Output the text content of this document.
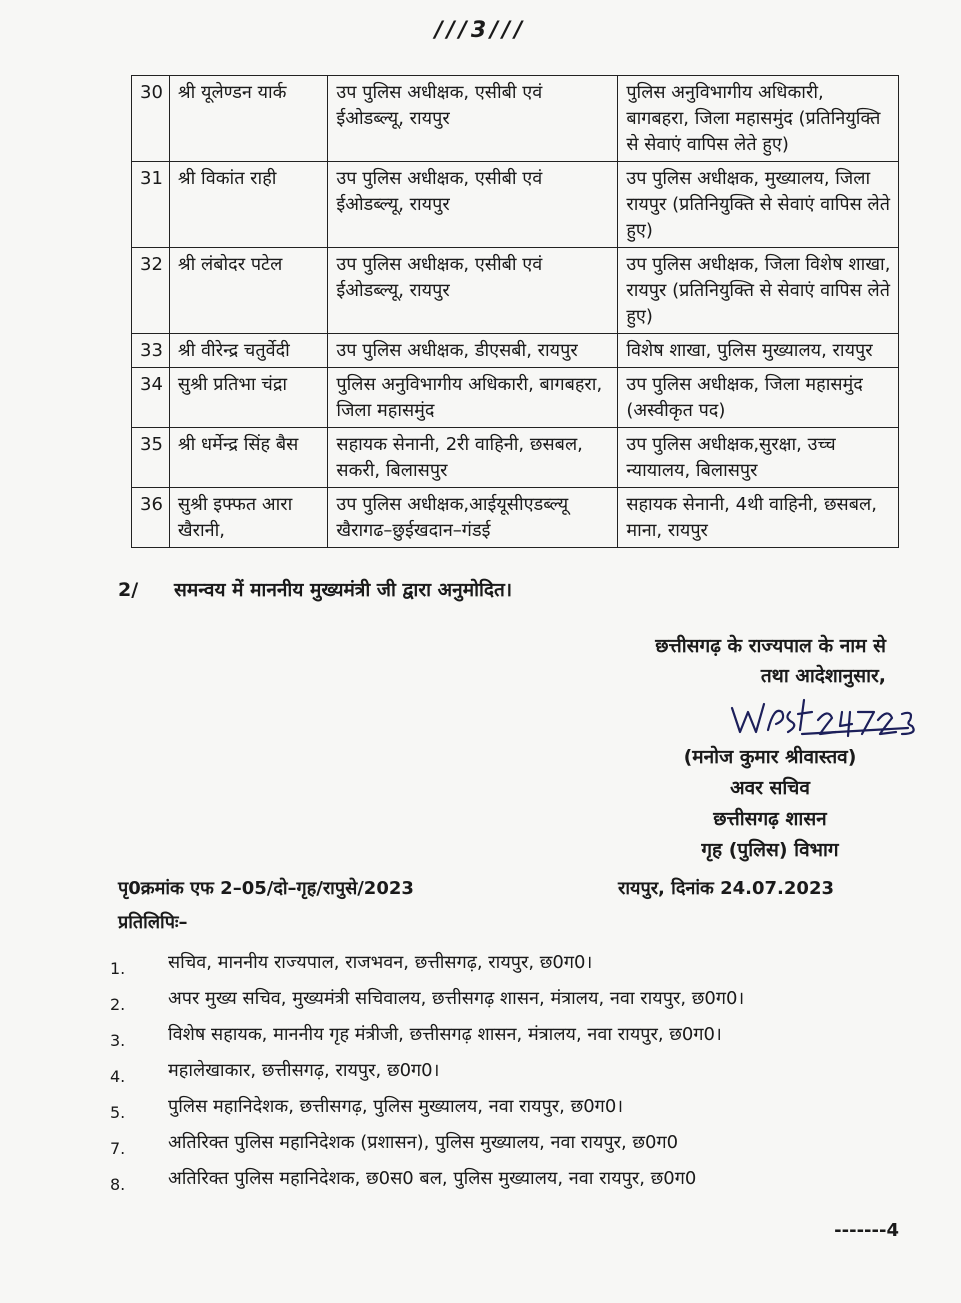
///3///
30	श्री यूलेण्डन यार्क	उप पुलिस अधीक्षक, एसीबी एवं ईओडब्ल्यू, रायपुर	पुलिस अनुविभागीय अधिकारी, बागबहरा, जिला महासमुंद (प्रतिनियुक्ति से सेवाएं वापिस लेते हुए)
31	श्री विकांत राही	उप पुलिस अधीक्षक, एसीबी एवं ईओडब्ल्यू, रायपुर	उप पुलिस अधीक्षक, मुख्यालय, जिला रायपुर (प्रतिनियुक्ति से सेवाएं वापिस लेते हुए)
32	श्री लंबोदर पटेल	उप पुलिस अधीक्षक, एसीबी एवं ईओडब्ल्यू, रायपुर	उप पुलिस अधीक्षक, जिला विशेष शाखा, रायपुर (प्रतिनियुक्ति से सेवाएं वापिस लेते हुए)
33	श्री वीरेन्द्र चतुर्वेदी	उप पुलिस अधीक्षक, डीएसबी, रायपुर	विशेष शाखा, पुलिस मुख्यालय, रायपुर
34	सुश्री प्रतिभा चंद्रा	पुलिस अनुविभागीय अधिकारी, बागबहरा, जिला महासमुंद	उप पुलिस अधीक्षक, जिला महासमुंद (अस्वीकृत पद)
35	श्री धर्मेन्द्र सिंह बैस	सहायक सेनानी, 2री वाहिनी, छसबल, सकरी, बिलासपुर	उप पुलिस अधीक्षक,सुरक्षा, उच्च न्यायालय, बिलासपुर
36	सुश्री इफ्फत आरा खैरानी,	उप पुलिस अधीक्षक,आईयूसीएडब्ल्यू खैरागढ–छुईखदान–गंडई	सहायक सेनानी, 4थी वाहिनी, छसबल, माना, रायपुर
2/ समन्वय में माननीय मुख्यमंत्री जी द्वारा अनुमोदित।
छत्तीसगढ़ के राज्यपाल के नाम से
तथा आदेशानुसार,
(मनोज कुमार श्रीवास्तव)
अवर सचिव
छत्तीसगढ़ शासन
गृह (पुलिस) विभाग
पृ0क्रमांक एफ 2–05/दो–गृह/रापुसे/2023	रायपुर, दिनांक 24.07.2023
प्रतिलिपिः–
1.	सचिव, माननीय राज्यपाल, राजभवन, छत्तीसगढ़, रायपुर, छ0ग0।
2.	अपर मुख्य सचिव, मुख्यमंत्री सचिवालय, छत्तीसगढ़ शासन, मंत्रालय, नवा रायपुर, छ0ग0।
3.	विशेष सहायक, माननीय गृह मंत्रीजी, छत्तीसगढ़ शासन, मंत्रालय, नवा रायपुर, छ0ग0।
4.	महालेखाकार, छत्तीसगढ़, रायपुर, छ0ग0।
5.	पुलिस महानिदेशक, छत्तीसगढ़, पुलिस मुख्यालय, नवा रायपुर, छ0ग0।
7.	अतिरिक्त पुलिस महानिदेशक (प्रशासन), पुलिस मुख्यालय, नवा रायपुर, छ0ग0
8.	अतिरिक्त पुलिस महानिदेशक, छ0स0 बल, पुलिस मुख्यालय, नवा रायपुर, छ0ग0
-------4
